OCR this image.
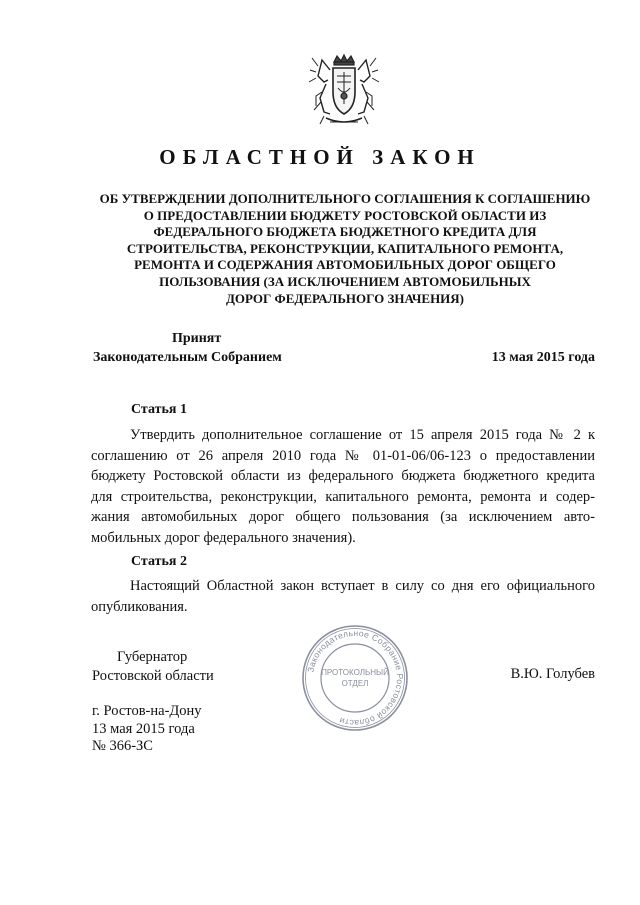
ОБЛАСТНОЙ ЗАКОН
ОБ УТВЕРЖДЕНИИ ДОПОЛНИТЕЛЬНОГО СОГЛАШЕНИЯ К СОГЛАШЕНИЮ
О ПРЕДОСТАВЛЕНИИ БЮДЖЕТУ РОСТОВСКОЙ ОБЛАСТИ ИЗ
ФЕДЕРАЛЬНОГО БЮДЖЕТА БЮДЖЕТНОГО КРЕДИТА ДЛЯ
СТРОИТЕЛЬСТВА, РЕКОНСТРУКЦИИ, КАПИТАЛЬНОГО РЕМОНТА,
РЕМОНТА И СОДЕРЖАНИЯ АВТОМОБИЛЬНЫХ ДОРОГ ОБЩЕГО
ПОЛЬЗОВАНИЯ (ЗА ИСКЛЮЧЕНИЕМ АВТОМОБИЛЬНЫХ
ДОРОГ ФЕДЕРАЛЬНОГО ЗНАЧЕНИЯ)
Принят
Законодательным Собранием	13 мая 2015 года
Статья 1
Утвердить дополнительное соглашение от 15 апреля 2015 года № 2 к
соглашению от 26 апреля 2010 года № 01-01-06/06-123 о предоставлении
бюджету Ростовской области из федерального бюджета бюджетного кредита
для строительства, реконструкции, капитального ремонта, ремонта и содер-
жания автомобильных дорог общего пользования (за исключением авто-
мобильных дорог федерального значения).
Статья 2
Настоящий Областной закон вступает в силу со дня его официального
опубликования.
Губернатор
Ростовской области	В.Ю. Голубев
Законодательное Собрание Ростовской области
ПРОТОКОЛЬНЫЙ
ОТДЕЛ
г. Ростов-на-Дону
13 мая 2015 года
№ 366-ЗС
